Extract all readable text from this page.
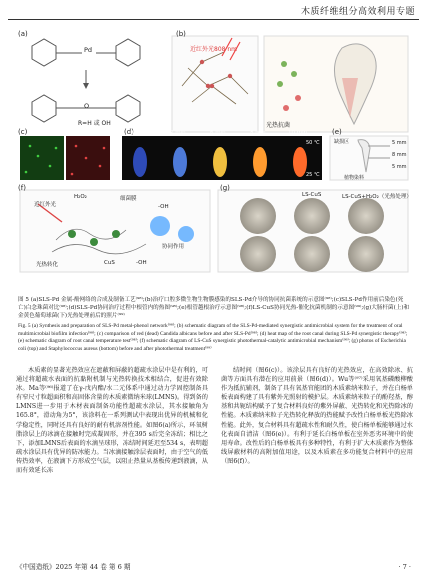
木质纤维组分高效利用专题
(a)	(b)
(c)	(d)	(e)
(f)	(g)
R=H 或 OH
Pd
O
近红外光808 nm
光热抗菌
0 min	2 min	6 min	8 min	10 min
50 ℃
25 ℃
缺损区	5 mm
8 mm
5 mm
植物染料
近红外光
H₂O₂	细菌膜
-OH
协同作用
光热转化	CuS	-OH
LS-CuS	LS-CuS+H₂O₂（光热处理）
图 5 (a)SLS-Pd 金属-酚网络的合成及制备工艺⁽⁹⁸⁾;(b)治疗口腔多微生物生物膜感染的SLS-Pd介导的协同抗菌系统的示意图⁽⁹⁸⁾;(c)SLS-Pd作用前后染色(死亡)白念珠菌对比⁽⁹⁸⁾;(d)SLS-Pd协同治疗过程中根管内的热图⁽⁹⁸⁾;(e)根管越根治疗示意图⁽⁹⁸⁾;(f)LS-CuS协同光热-催化抗菌机制的示意图⁽⁹⁹⁾;(g)大肠杆菌(上)和金黄色葡萄球菌(下)光热处理前后的照片⁽⁹⁹⁾
Fig. 5 (a) Synthesis and preparation of SLS-Pd metal-phenol network⁽⁹⁸⁾; (b) schematic diagram of the SLS-Pd-mediated synergistic antimicrobial system for the treatment of oral multimicrobial biofilm infection⁽⁹⁸⁾; (c) comparison of red (dead) Candida albicans before and after SLS-Pd⁽⁹⁸⁾; (d) heat map of the root canal during SLS-Pd synergistic therapy⁽⁹⁸⁾; (e) schematic diagram of root canal temperature test⁽⁹⁸⁾; (f) schematic diagram of LS-CuS synergistic photothermal-catalytic antimicrobial mechanism⁽⁹⁹⁾; (g) photos of Escherichia coli (top) and Staphylococcus aureus (bottom) before and after photothermal treatment⁽⁹⁹⁾

木质素的显著光热效应在遮蔽和屏蔽的超疏水涂层中是有利的，可通过将超疏水表面的抗黏附机制与光热转换技术相结合，促进有效除冰。Ma等⁽⁹⁶⁾报道了在γ-戊内酯/水二元体系中通过动力学固控制备具有窄尺寸粒超面积和高固体含量的木质素微纳米球(LMNS)。得到备的LMNS进一步用于木材表面制备功能性超疏水涂层，其水接触角为165.8°，滑动角为5°，该涂料在一系列测试中表现出优异的机械和化学稳定性，同时还具有良好的耐有机溶剂性能。如图6(a)所示，环氧树脂涂层上的冰滴在接触时完成凝固形，并在395 s后完全冻结；相比之下，添加LMNS后表面的水滴呈球形，冻结时间延迟至534 s，表明超疏水涂层具有优异的防冰能力。当冰滴接触涂层表面时，由于空气的低传热效率，在液滴下方形成空气层，以阻止热量从基板传递到液滴，从而有效延长冻

结时间（图6(c)）。该涂层具有良好的光热效应，在高效除冰、抗菌等方面具有潜在的应用前景（图6(d)）。Wu等⁽⁹⁷⁾采用氧基磷酸柳酸作为抵抗辅剂，制备了具有氧基官能团的木质素纳米粒子，并在白杨单板表面构建了具有紫外光照射的模护层。木质素纳米粒子的酚羟基，醇基和共轭结构赋予了复合材料良好的紫外屏蔽、光热转化和光热除冰的性能。木质素纳米粒子光热转化释放的热能赋予改性白杨单板光热除冰性能。此外，复合材料具有超疏水性和耐久性，使白杨单板能够通过水化表面自清洁（图6(e)）。有利于延长白杨单板在室外恶劣环境中的使用寿命。改性后的白杨单板具有多种特性，有利于扩大木质素作为整体线屏蔽材料的高附加值用途，以及木质素在多功能复合材料中的应用（图6(f)）。

《中国造纸》2025 年第 44 卷 第 6 期	· 7 ·
